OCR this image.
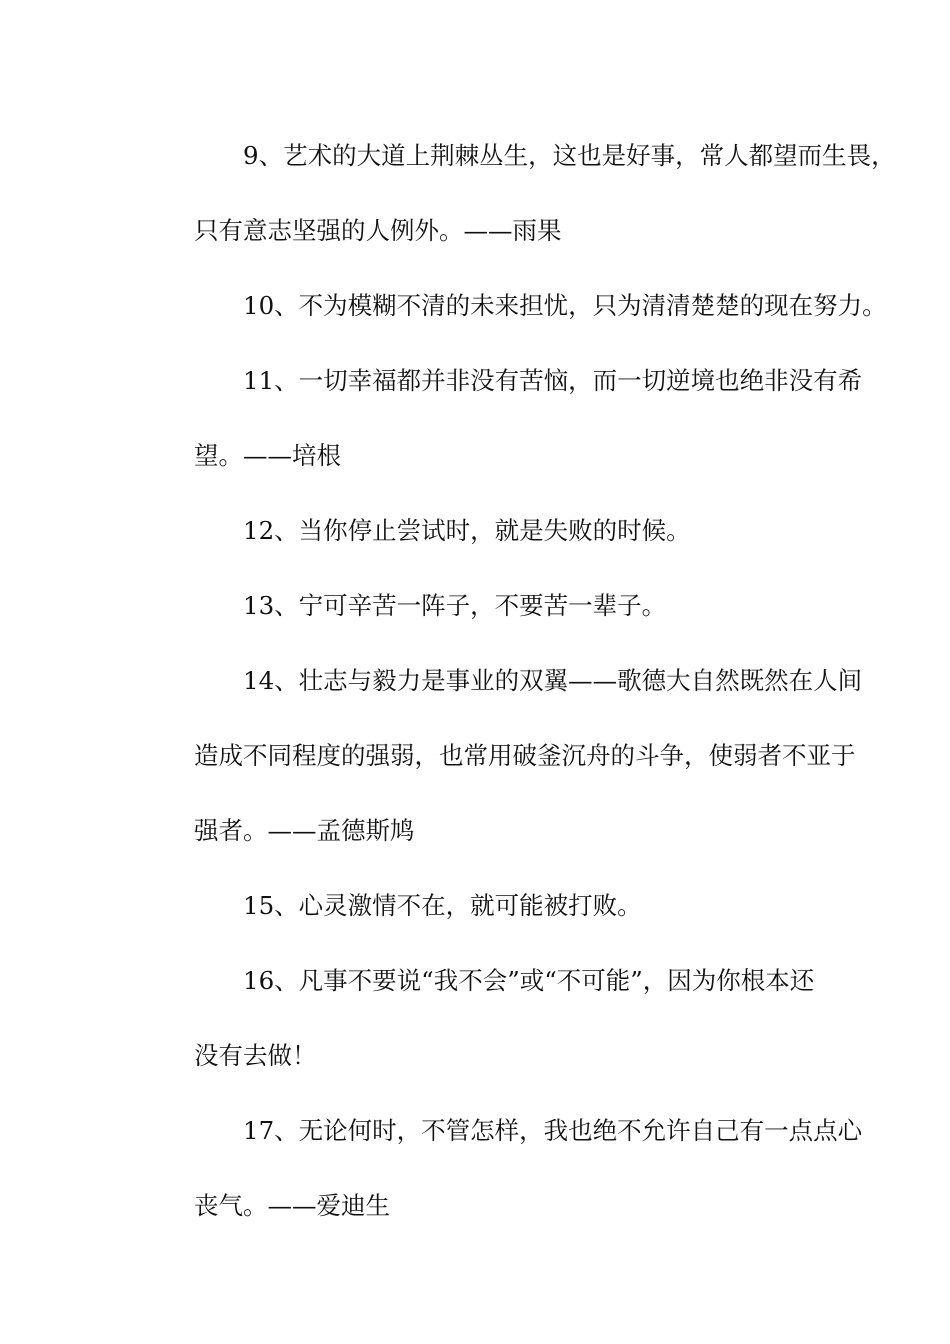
9、艺术的大道上荆棘丛生，这也是好事，常人都望而生畏，
只有意志坚强的人例外。——雨果
10、不为模糊不清的未来担忧，只为清清楚楚的现在努力。
11、一切幸福都并非没有苦恼，而一切逆境也绝非没有希
望。——培根
12、当你停止尝试时，就是失败的时候。
13、宁可辛苦一阵子，不要苦一辈子。
14、壮志与毅力是事业的双翼——歌德大自然既然在人间
造成不同程度的强弱，也常用破釜沉舟的斗争，使弱者不亚于
强者。——孟德斯鸠
15、心灵激情不在，就可能被打败。
16、凡事不要说“我不会”或“不可能”，因为你根本还
没有去做！
17、无论何时，不管怎样，我也绝不允许自己有一点点心
丧气。——爱迪生
